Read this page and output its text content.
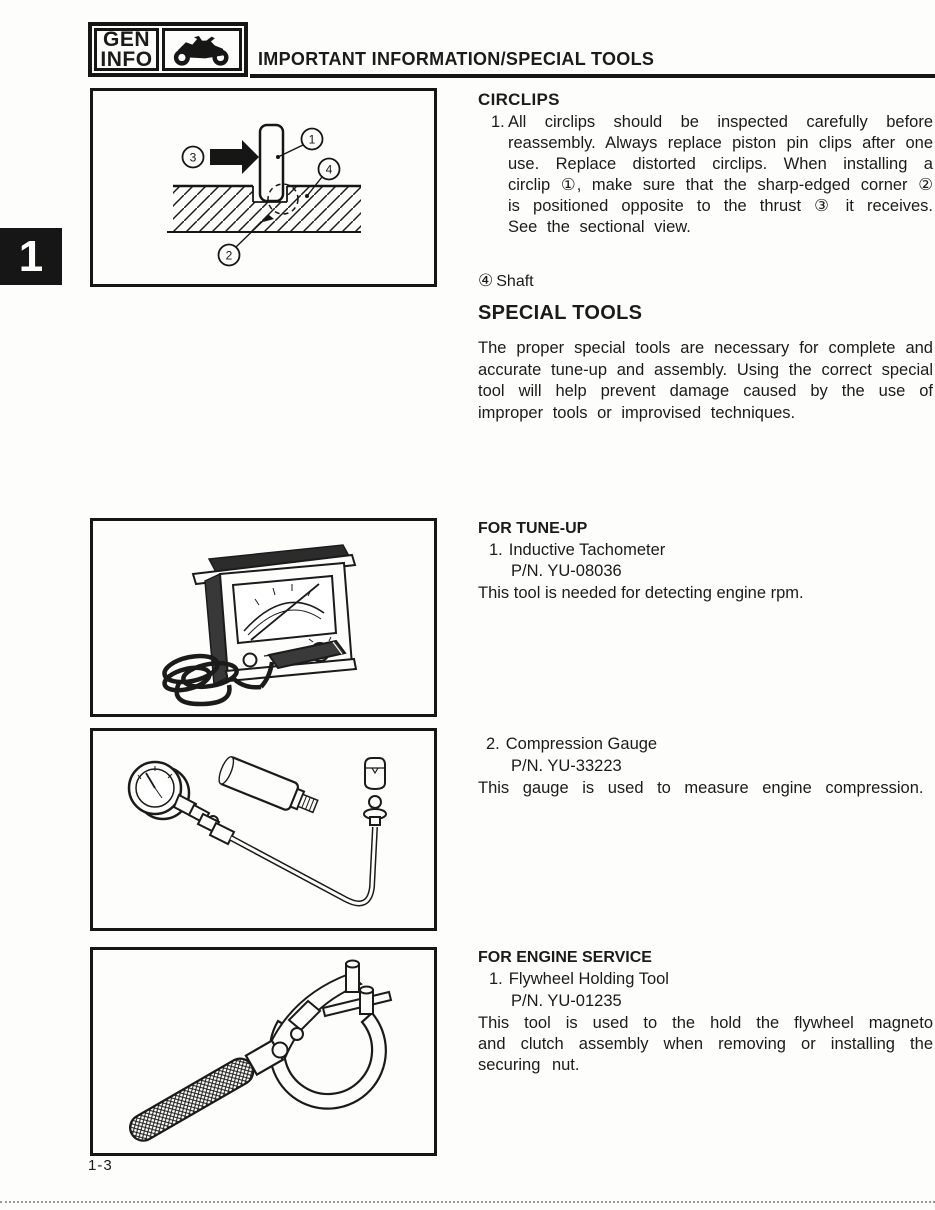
GEN
INFO	IMPORTANT INFORMATION/SPECIAL TOOLS
1
3
1
4
2
CIRCLIPS
1. All circlips should be inspected carefully before reassembly. Always replace piston pin clips after one use. Replace distorted circlips. When installing a circlip ①, make sure that the sharp-edged corner ② is positioned opposite to the thrust ③ it receives. See the sectional view.
④ Shaft
SPECIAL TOOLS
The proper special tools are necessary for complete and accurate tune-up and assembly. Using the correct special tool will help prevent damage caused by the use of improper tools or improvised techniques.
FOR TUNE-UP
1. Inductive Tachometer
P/N. YU-08036
This tool is needed for detecting engine rpm.
2. Compression Gauge
P/N. YU-33223
This gauge is used to measure engine compression.
FOR ENGINE SERVICE
1. Flywheel Holding Tool
P/N. YU-01235
This tool is used to the hold the flywheel magneto and clutch assembly when removing or installing the securing nut.
1-3
